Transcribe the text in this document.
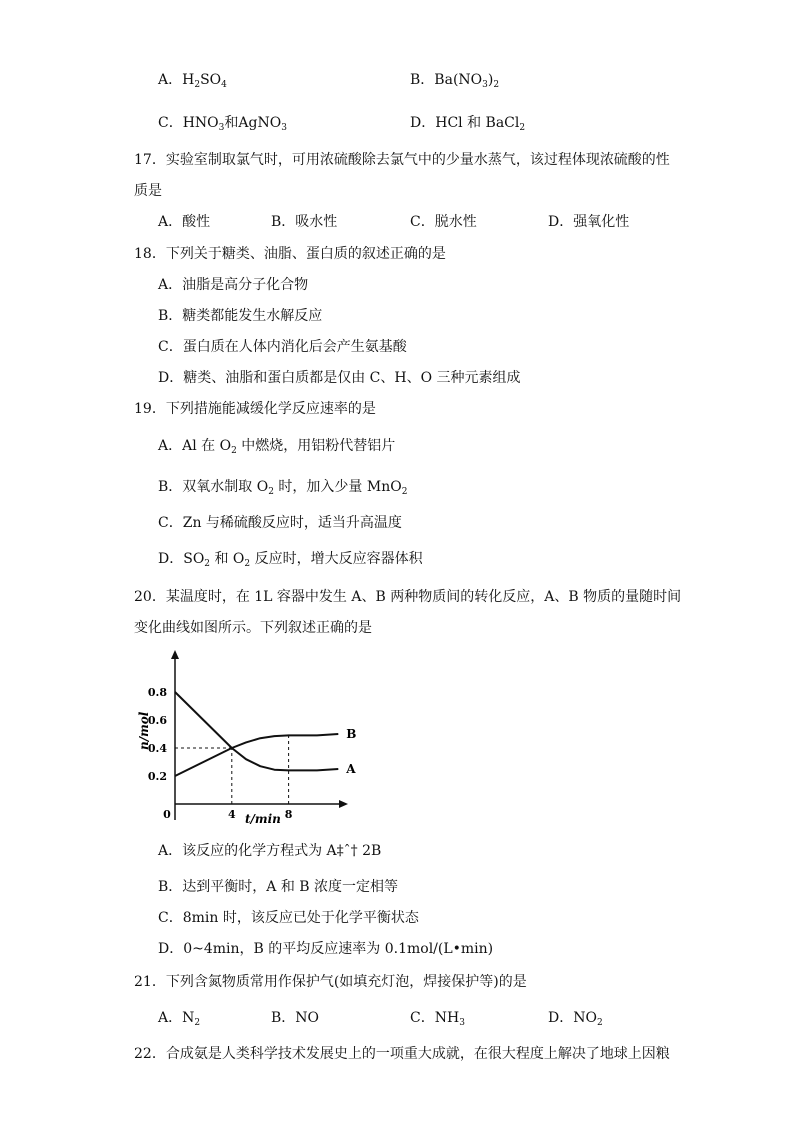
A．$H_2SO_4$	B．$Ba(NO_3)_2$
C．$HNO_3$和AgNO$_3$	D．HCl 和 BaCl$_2$
17．实验室制取氯气时，可用浓硫酸除去氯气中的少量水蒸气，该过程体现浓硫酸的性
质是
A．酸性	B．吸水性	C．脱水性	D．强氧化性
18．下列关于糖类、油脂、蛋白质的叙述正确的是
A．油脂是高分子化合物
B．糖类都能发生水解反应
C．蛋白质在人体内消化后会产生氨基酸
D．糖类、油脂和蛋白质都是仅由 C、H、O 三种元素组成
19．下列措施能减缓化学反应速率的是
A．Al 在 $O_2$ 中燃烧，用铝粉代替铝片
B．双氧水制取 $O_2$ 时，加入少量 MnO$_2$
C．Zn 与稀硫酸反应时，适当升高温度
D．$SO_2$ 和 $O_2$ 反应时，增大反应容器体积
20．某温度时，在 1L 容器中发生 A、B 两种物质间的转化反应，A、B 物质的量随时间
变化曲线如图所示。下列叙述正确的是
0.2
0.4
0.6
0.8
0	4	8
A
B
t/min
n/mol
A．该反应的化学方程式为 A‡ˆ† 2B
B．达到平衡时，A 和 B 浓度一定相等
C．8min 时，该反应已处于化学平衡状态
D．0~4min，B 的平均反应速率为 0.1mol/(L•min)
21．下列含氮物质常用作保护气(如填充灯泡，焊接保护等)的是
A．$N_2$	B．NO	C．$NH_3$	D．$NO_2$
22．合成氨是人类科学技术发展史上的一项重大成就，在很大程度上解决了地球上因粮
